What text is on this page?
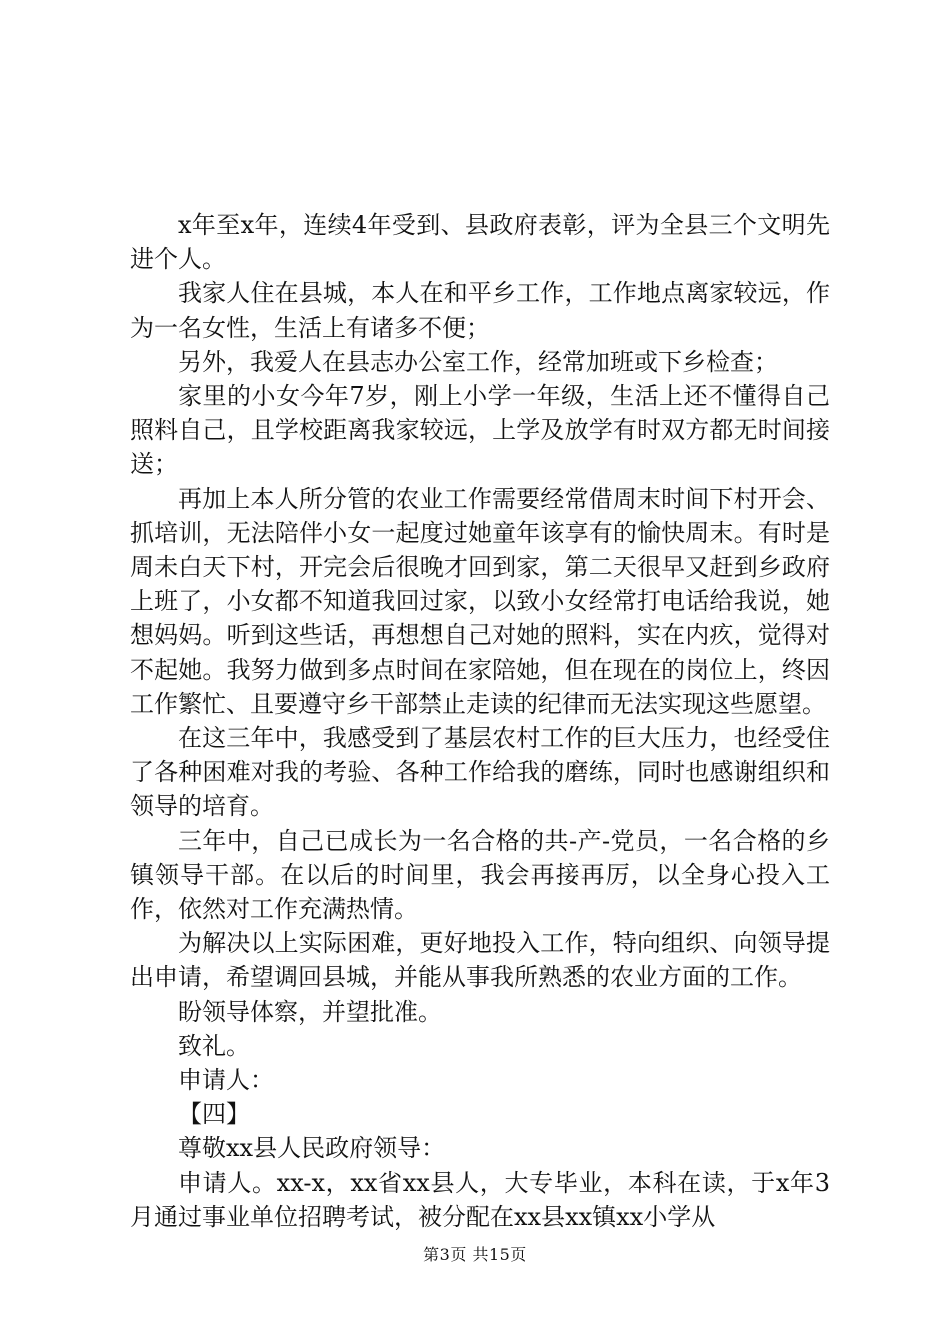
x年至x年，连续4年受到、县政府表彰，评为全县三个文明先进个人。

我家人住在县城，本人在和平乡工作，工作地点离家较远，作为一名女性，生活上有诸多不便；

另外，我爱人在县志办公室工作，经常加班或下乡检查；

家里的小女今年7岁，刚上小学一年级，生活上还不懂得自己照料自己，且学校距离我家较远，上学及放学有时双方都无时间接送；

再加上本人所分管的农业工作需要经常借周末时间下村开会、抓培训，无法陪伴小女一起度过她童年该享有的愉快周末。有时是周未白天下村，开完会后很晚才回到家，第二天很早又赶到乡政府上班了，小女都不知道我回过家，以致小女经常打电话给我说，她想妈妈。听到这些话，再想想自己对她的照料，实在内疚，觉得对不起她。我努力做到多点时间在家陪她，但在现在的岗位上，终因工作繁忙、且要遵守乡干部禁止走读的纪律而无法实现这些愿望。

在这三年中，我感受到了基层农村工作的巨大压力，也经受住了各种困难对我的考验、各种工作给我的磨练，同时也感谢组织和领导的培育。

三年中，自己已成长为一名合格的共-产-党员，一名合格的乡镇领导干部。在以后的时间里，我会再接再厉，以全身心投入工作，依然对工作充满热情。

为解决以上实际困难，更好地投入工作，特向组织、向领导提出申请，希望调回县城，并能从事我所熟悉的农业方面的工作。

盼领导体察，并望批准。

致礼。

申请人：

【四】

尊敬xx县人民政府领导：

申请人。xx-x，xx省xx县人，大专毕业，本科在读，于x年3月通过事业单位招聘考试，被分配在xx县xx镇xx小学从

第3页 共15页
